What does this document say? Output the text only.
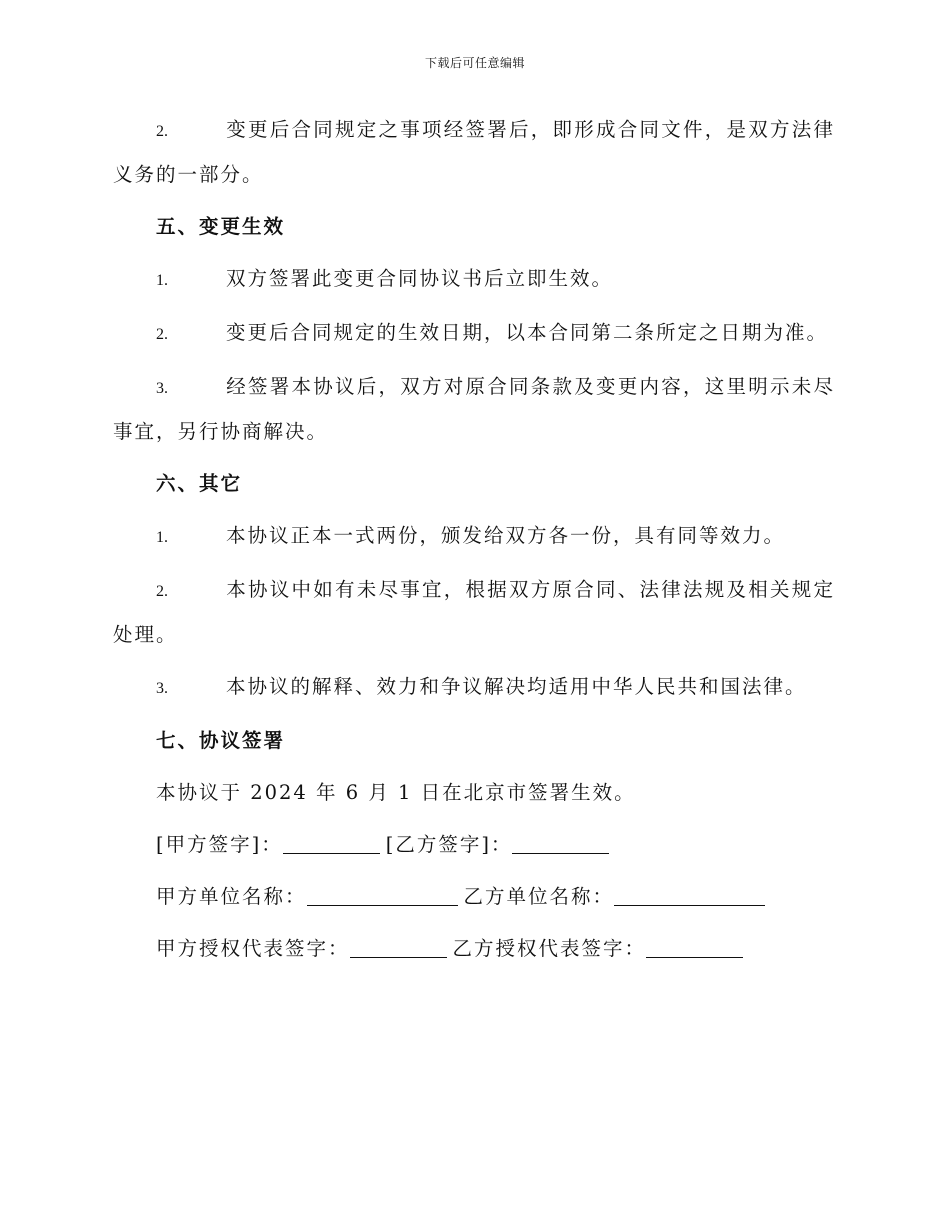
下载后可任意编辑
2.	变更后合同规定之事项经签署后，即形成合同文件，是双方法律义务的一部分。
五、变更生效
1.	双方签署此变更合同协议书后立即生效。
2.	变更后合同规定的生效日期，以本合同第二条所定之日期为准。
3.	经签署本协议后，双方对原合同条款及变更内容，这里明示未尽事宜，另行协商解决。
六、其它
1.	本协议正本一式两份，颁发给双方各一份，具有同等效力。
2.	本协议中如有未尽事宜，根据双方原合同、法律法规及相关规定处理。
3.	本协议的解释、效力和争议解决均适用中华人民共和国法律。
七、协议签署
本协议于 2024 年 6 月 1 日在北京市签署生效。
[甲方签字]：	[乙方签字]：
甲方单位名称：	乙方单位名称：
甲方授权代表签字：	乙方授权代表签字：
